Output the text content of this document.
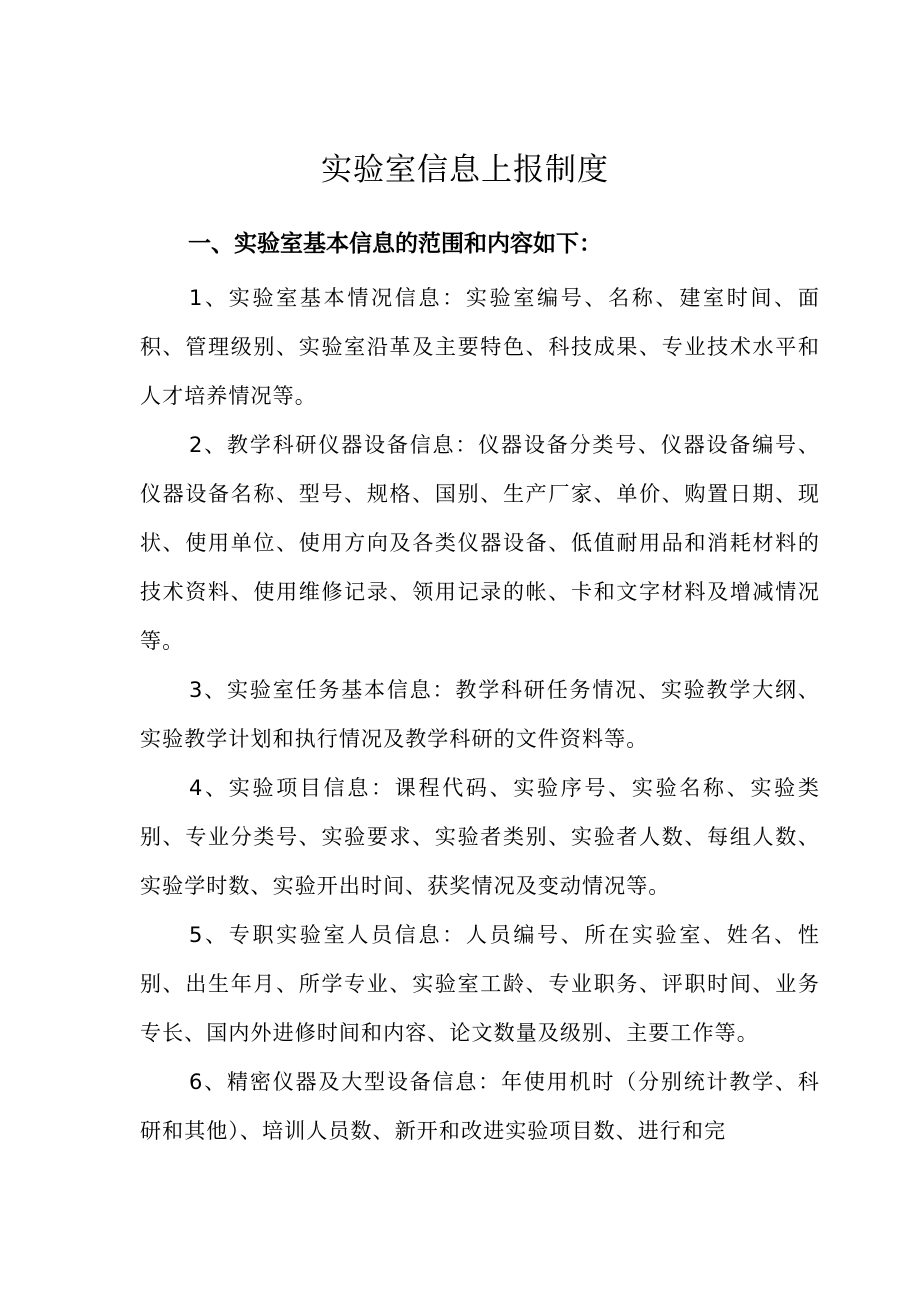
实验室信息上报制度
一、实验室基本信息的范围和内容如下：

1、实验室基本情况信息：实验室编号、名称、建室时间、面积、管理级别、实验室沿革及主要特色、科技成果、专业技术水平和人才培养情况等。

2、教学科研仪器设备信息：仪器设备分类号、仪器设备编号、仪器设备名称、型号、规格、国别、生产厂家、单价、购置日期、现状、使用单位、使用方向及各类仪器设备、低值耐用品和消耗材料的技术资料、使用维修记录、领用记录的帐、卡和文字材料及增减情况等。

3、实验室任务基本信息：教学科研任务情况、实验教学大纲、实验教学计划和执行情况及教学科研的文件资料等。

4、实验项目信息：课程代码、实验序号、实验名称、实验类别、专业分类号、实验要求、实验者类别、实验者人数、每组人数、实验学时数、实验开出时间、获奖情况及变动情况等。

5、专职实验室人员信息：人员编号、所在实验室、姓名、性别、出生年月、所学专业、实验室工龄、专业职务、评职时间、业务专长、国内外进修时间和内容、论文数量及级别、主要工作等。

6、精密仪器及大型设备信息：年使用机时（分别统计教学、科研和其他）、培训人员数、新开和改进实验项目数、进行和完
